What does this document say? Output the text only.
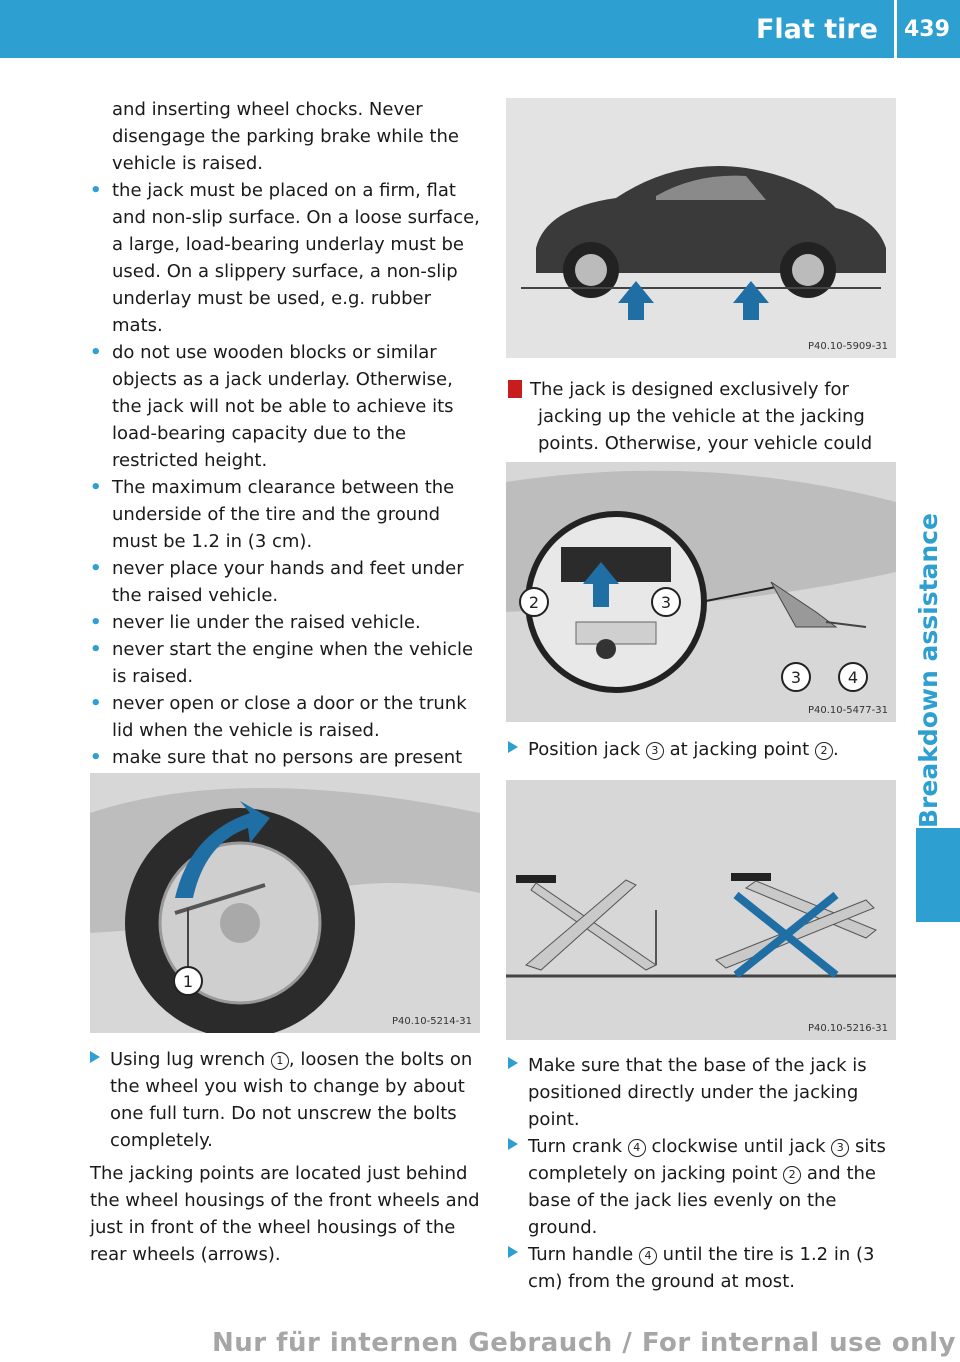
Flat tire 439
Breakdown assistance

and inserting wheel chocks. Never disengage the parking brake while the vehicle is raised.

• the jack must be placed on a firm, flat and non-slip surface. On a loose surface, a large, load-bearing underlay must be used. On a slippery surface, a non-slip underlay must be used, e.g. rubber mats.

• do not use wooden blocks or similar objects as a jack underlay. Otherwise, the jack will not be able to achieve its load-bearing capacity due to the restricted height.

• The maximum clearance between the underside of the tire and the ground must be 1.2 in (3 cm).

• never place your hands and feet under the raised vehicle.

• never lie under the raised vehicle.

• never start the engine when the vehicle is raised.

• never open or close a door or the trunk lid when the vehicle is raised.

• make sure that no persons are present

1
P40.10-5214-31

Using lug wrench 1 , loosen the bolts on the wheel you wish to change by about one full turn. Do not unscrew the bolts completely.

The jacking points are located just behind the wheel housings of the front wheels and just in front of the wheel housings of the rear wheels (arrows).

P40.10-5909-31

! The jack is designed exclusively for jacking up the vehicle at the jacking points. Otherwise, your vehicle could

2	3
3	4
P40.10-5477-31

Position jack 3 at jacking point 2 .

P40.10-5216-31

Make sure that the base of the jack is positioned directly under the jacking point.

Turn crank 4 clockwise until jack 3 sits completely on jacking point 2 and the base of the jack lies evenly on the ground.

Turn handle 4 until the tire is 1.2 in (3 cm) from the ground at most.

Nur für internen Gebrauch / For internal use only
